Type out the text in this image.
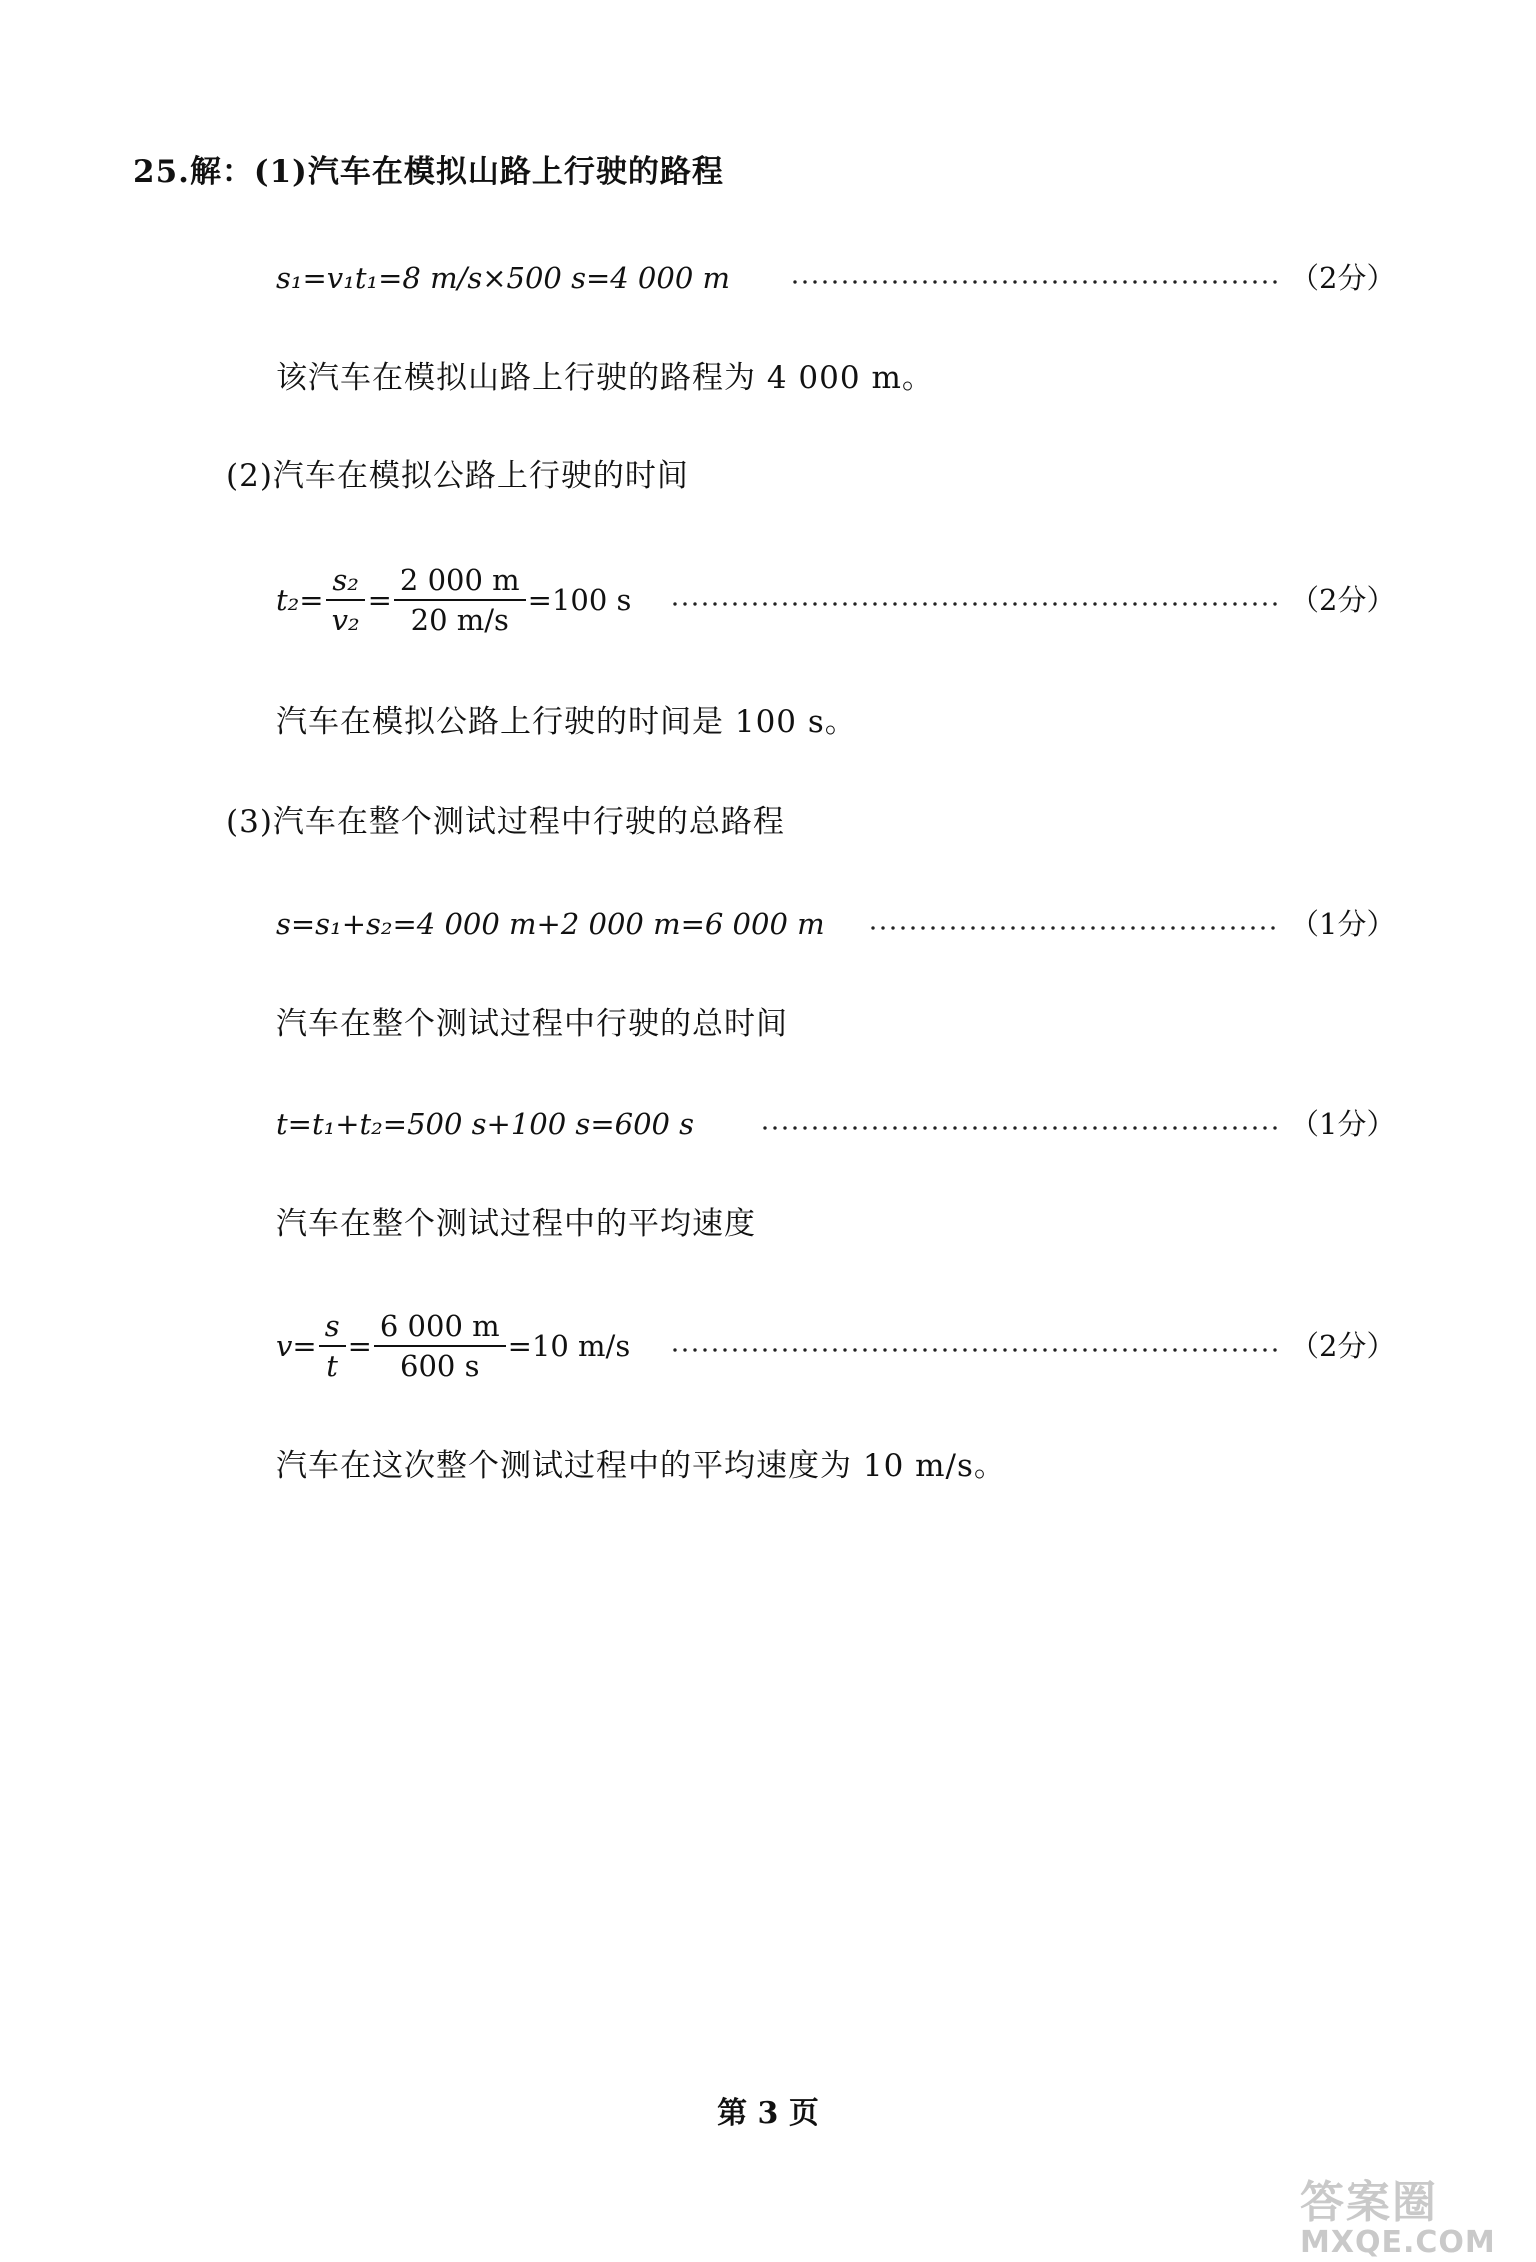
25.解：(1)汽车在模拟山路上行驶的路程
s₁=v₁t₁=8 m/s×500 s=4 000 m	（2分）
该汽车在模拟山路上行驶的路程为 4 000 m。
(2)汽车在模拟公路上行驶的时间
$t_2= \frac{\text{s₂}}{\text{v₂}} = \frac{2 000 m}{20 m/s} =100$ s	（2分）
汽车在模拟公路上行驶的时间是 100 s。
(3)汽车在整个测试过程中行驶的总路程
s=s₁+s₂=4 000 m+2 000 m=6 000 m	（1分）
汽车在整个测试过程中行驶的总时间
t=t₁+t₂=500 s+100 s=600 s	（1分）
汽车在整个测试过程中的平均速度
$v= \frac{s}{t} = \frac{6 000 m}{600 s} =10$ m/s	（2分）
汽车在这次整个测试过程中的平均速度为 10 m/s。
第 3 页
答案圈
MXQE.COM
